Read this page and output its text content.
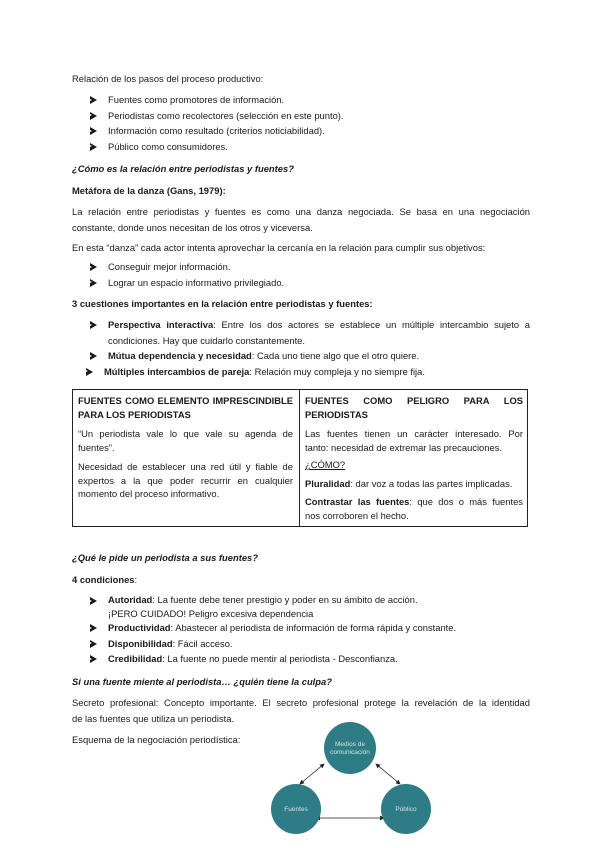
Relación de los pasos del proceso productivo:

Fuentes como promotores de información.
Periodistas como recolectores (selección en este punto).
Información como resultado (criterios noticiabilidad).
Público como consumidores.

¿Cómo es la relación entre periodistas y fuentes?

Metáfora de la danza (Gans, 1979):

La relación entre periodistas y fuentes es como una danza negociada. Se basa en una negociación

constante, donde unos necesitan de los otros y viceversa.

En esta “danza” cada actor intenta aprovechar la cercanía en la relación para cumplir sus objetivos:

Conseguir mejor información.
Lograr un espacio informativo privilegiado.

3 cuestiones importantes en la relación entre periodistas y fuentes:

Perspectiva interactiva: Entre los dos actores se establece un múltiple intercambio sujeto a
condiciones. Hay que cuidarlo constantemente.
Mútua dependencia y necesidad: Cada uno tiene algo que el otro quiere.
Múltiples intercambios de pareja: Relación muy compleja y no siempre fija.
FUENTES COMO ELEMENTO IMPRESCINDIBLE
PARA LOS PERIODISTAS
“Un periodista vale lo que vale su agenda de
fuentes”.
Necesidad de establecer una red útil y fiable de
expertos a la que poder recurrir en cualquier
momento del proceso informativo.
FUENTES COMO PELIGRO PARA LOS
PERIODISTAS
Las fuentes tienen un carácter interesado. Por
tanto: necesidad de extremar las precauciones.
¿CÓMO?
Pluralidad: dar voz a todas las partes implicadas.
Contrastar las fuentes: que dos o más fuentes
nos corroboren el hecho.

¿Qué le pide un periodista a sus fuentes?

4 condiciones:

Autoridad: La fuente debe tener prestigio y poder en su ámbito de acción.
¡PERO CUIDADO! Peligro excesiva dependencia
Productividad: Abastecer al periodista de información de forma rápida y constante.
Disponibilidad: Fácil acceso.
Credibilidad: La fuente no puede mentir al periodista - Desconfianza.

Si una fuente miente al periodista… ¿quién tiene la culpa?

Secreto profesional: Concepto importante. El secreto profesional protege la revelación de la identidad

de las fuentes que utiliza un periodista.

Esquema de la negociación periodística:	Medios de
comunicación
Fuentes	Público
